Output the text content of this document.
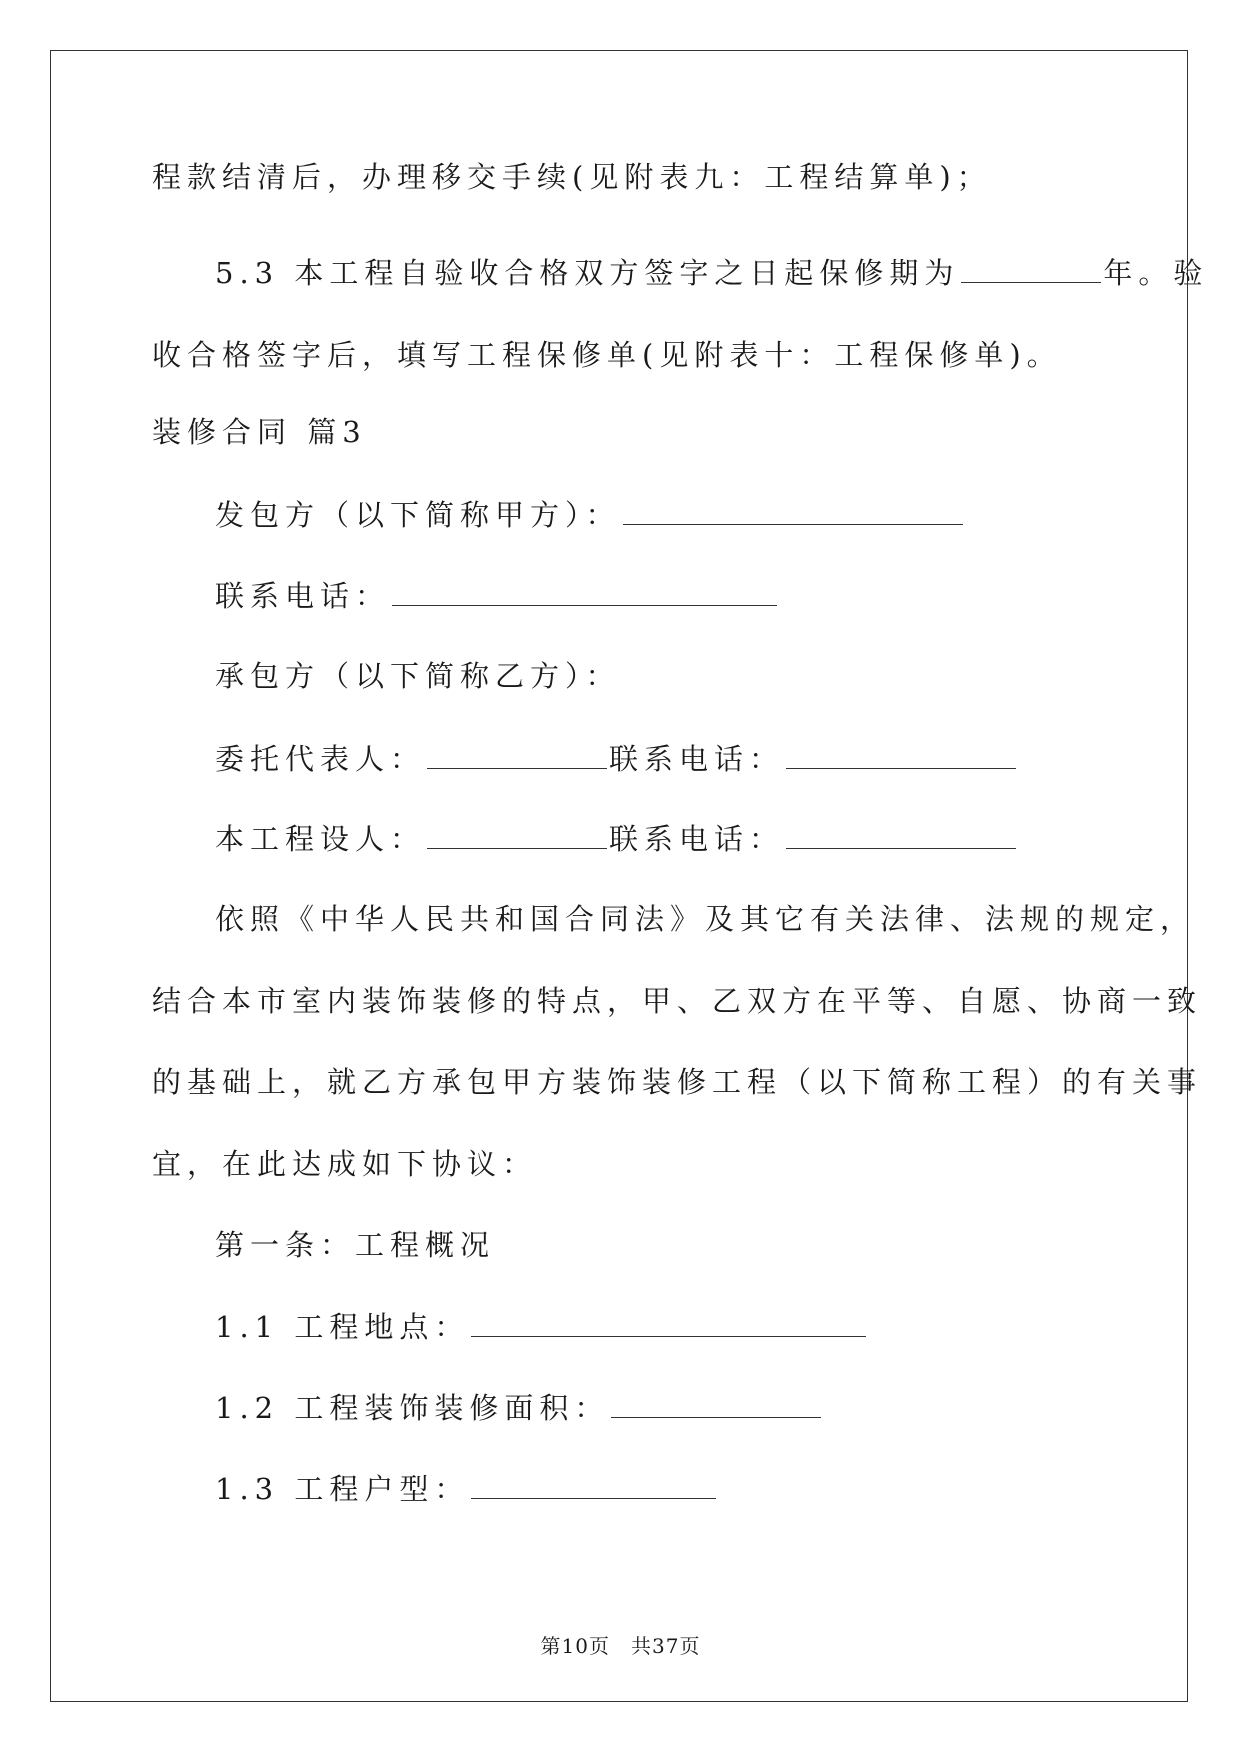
程款结清后，办理移交手续(见附表九：工程结算单)；
5.3 本工程自验收合格双方签字之日起保修期为	年。验
收合格签字后，填写工程保修单(见附表十：工程保修单)。
装修合同 篇3
发包方（以下简称甲方）：
联系电话：
承包方（以下简称乙方）：
委托代表人：	联系电话：
本工程设人：	联系电话：
依照《中华人民共和国合同法》及其它有关法律、法规的规定，
结合本市室内装饰装修的特点，甲、乙双方在平等、自愿、协商一致
的基础上，就乙方承包甲方装饰装修工程（以下简称工程）的有关事
宜，在此达成如下协议：
第一条：工程概况
1.1 工程地点：
1.2 工程装饰装修面积：
1.3 工程户型：
第10页　共37页
